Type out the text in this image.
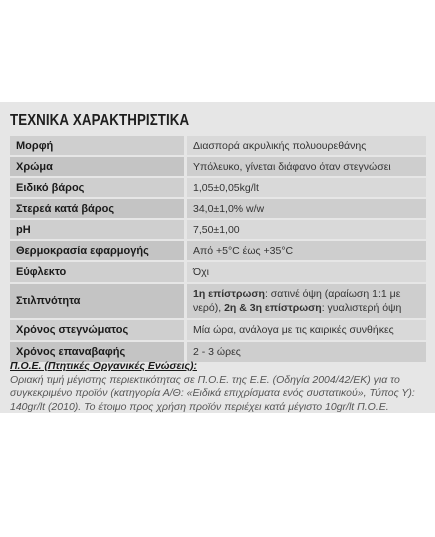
ΤΕΧΝΙΚΑ ΧΑΡΑΚΤΗΡΙΣΤΙΚΑ
Μορφή	Διασπορά ακρυλικής πολυουρεθάνης
Χρώμα	Υπόλευκο, γίνεται διάφανο όταν στεγνώσει
Ειδικό βάρος	1,05±0,05kg/lt
Στερεά κατά βάρος	34,0±1,0% w/w
pH	7,50±1,00
Θερμοκρασία εφαρμογής	Από +5°C έως +35°C
Εύφλεκτο	Όχι
Στιλπνότητα	1η επίστρωση: σατινέ όψη (αραίωση 1:1 με νερό), 2η & 3η επίστρωση: γυαλιστερή όψη
Χρόνος στεγνώματος	Μία ώρα, ανάλογα με τις καιρικές συνθήκες
Χρόνος επαναβαφής	2 - 3 ώρες
Π.Ο.Ε. (Πτητικές Οργανικές Ενώσεις):
Οριακή τιμή μέγιστης περιεκτικότητας σε Π.Ο.Ε. της Ε.Ε. (Οδηγία 2004/42/ΕΚ) για το συγκεκριμένο προϊόν (κατηγορία Α/Θ: «Ειδικά επιχρίσματα ενός συστατικού», Τύπος Υ): 140gr/lt (2010). Το έτοιμο προς χρήση προϊόν περιέχει κατά μέγιστο 10gr/lt Π.Ο.Ε.
